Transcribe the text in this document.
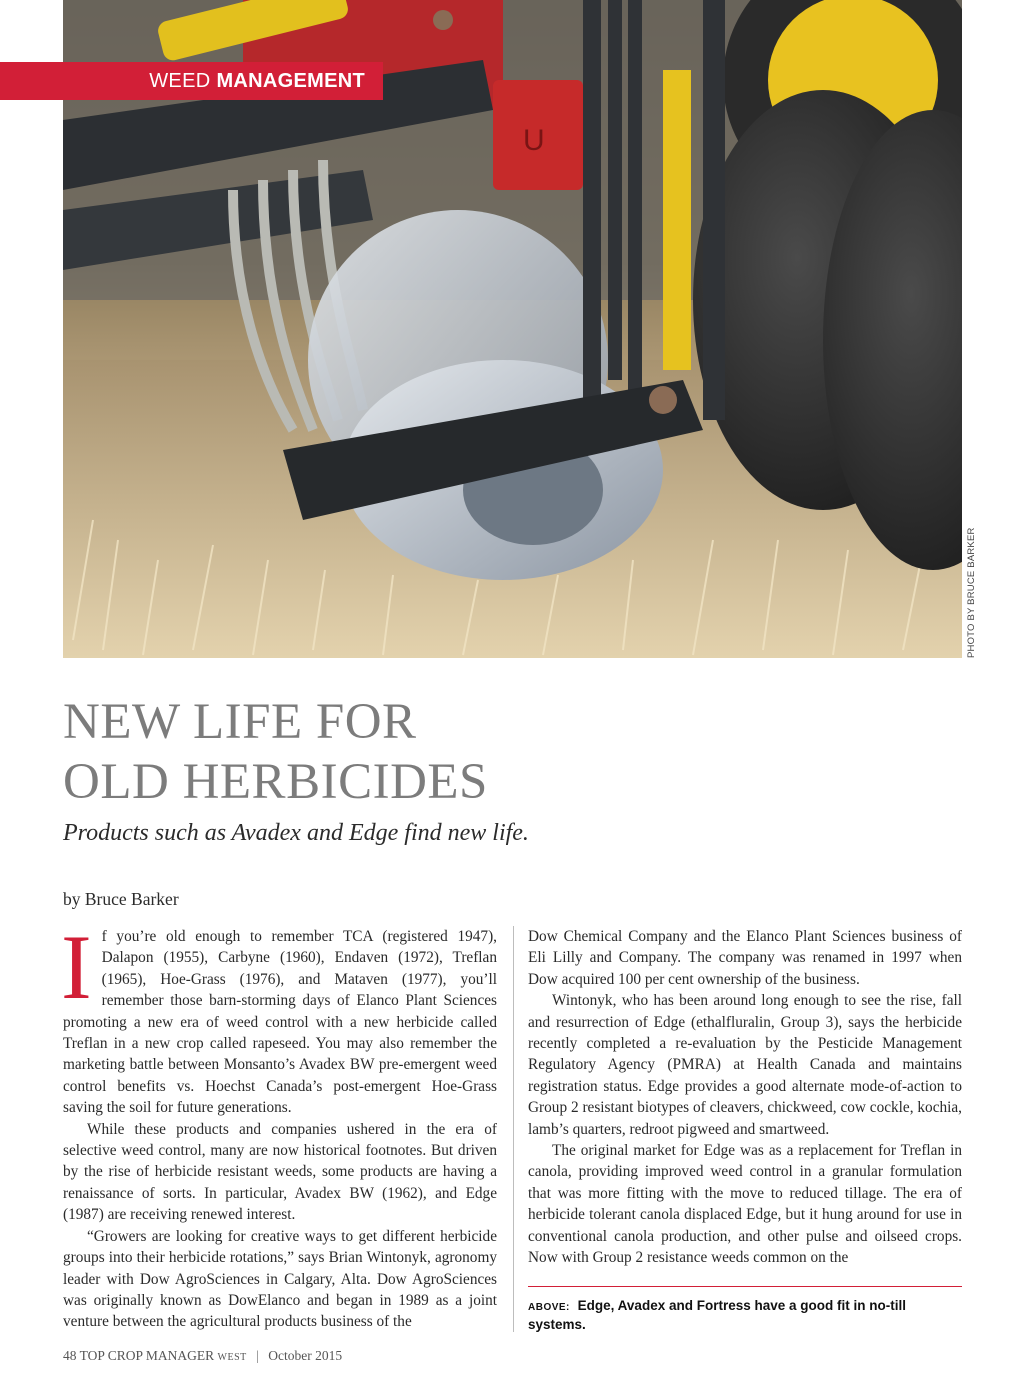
U
PHOTO BY BRUCE BARKER
WEED MANAGEMENT
NEW LIFE FOR
OLD HERBICIDES
Products such as Avadex and Edge find new life.
by Bruce Barker

If you’re old enough to remember TCA (registered 1947), Dalapon (1955), Carbyne (1960), Endaven (1972), Treflan (1965), Hoe-Grass (1976), and Mataven (1977), you’ll remember those barn-storming days of Elanco Plant Sciences promoting a new era of weed control with a new herbicide called Treflan in a new crop called rapeseed. You may also remember the marketing battle between Monsanto’s Avadex BW pre-emergent weed control benefits vs. Hoechst Canada’s post-emergent Hoe-Grass saving the soil for future generations.

While these products and companies ushered in the era of selective weed control, many are now historical footnotes. But driven by the rise of herbicide resistant weeds, some products are having a renaissance of sorts. In particular, Avadex BW (1962), and Edge (1987) are receiving renewed interest.

“Growers are looking for creative ways to get different herbicide groups into their herbicide rotations,” says Brian Wintonyk, agronomy leader with Dow AgroSciences in Calgary, Alta. Dow AgroSciences was originally known as DowElanco and began in 1989 as a joint venture between the agricultural products business of the

Dow Chemical Company and the Elanco Plant Sciences business of Eli Lilly and Company. The company was renamed in 1997 when Dow acquired 100 per cent ownership of the business.

Wintonyk, who has been around long enough to see the rise, fall and resurrection of Edge (ethalfluralin, Group 3), says the herbicide recently completed a re-evaluation by the Pesticide Management Regulatory Agency (PMRA) at Health Canada and maintains registration status. Edge provides a good alternate mode-of-action to Group 2 resistant biotypes of cleavers, chickweed, cow cockle, kochia, lamb’s quarters, redroot pigweed and smartweed.

The original market for Edge was as a replacement for Treflan in canola, providing improved weed control in a granular formulation that was more fitting with the move to reduced tillage. The era of herbicide tolerant canola displaced Edge, but it hung around for use in conventional canola production, and other pulse and oilseed crops. Now with Group 2 resistance weeds common on the

ABOVE: Edge, Avadex and Fortress have a good fit in no-till systems.
48 TOP CROP MANAGER WEST | October 2015
